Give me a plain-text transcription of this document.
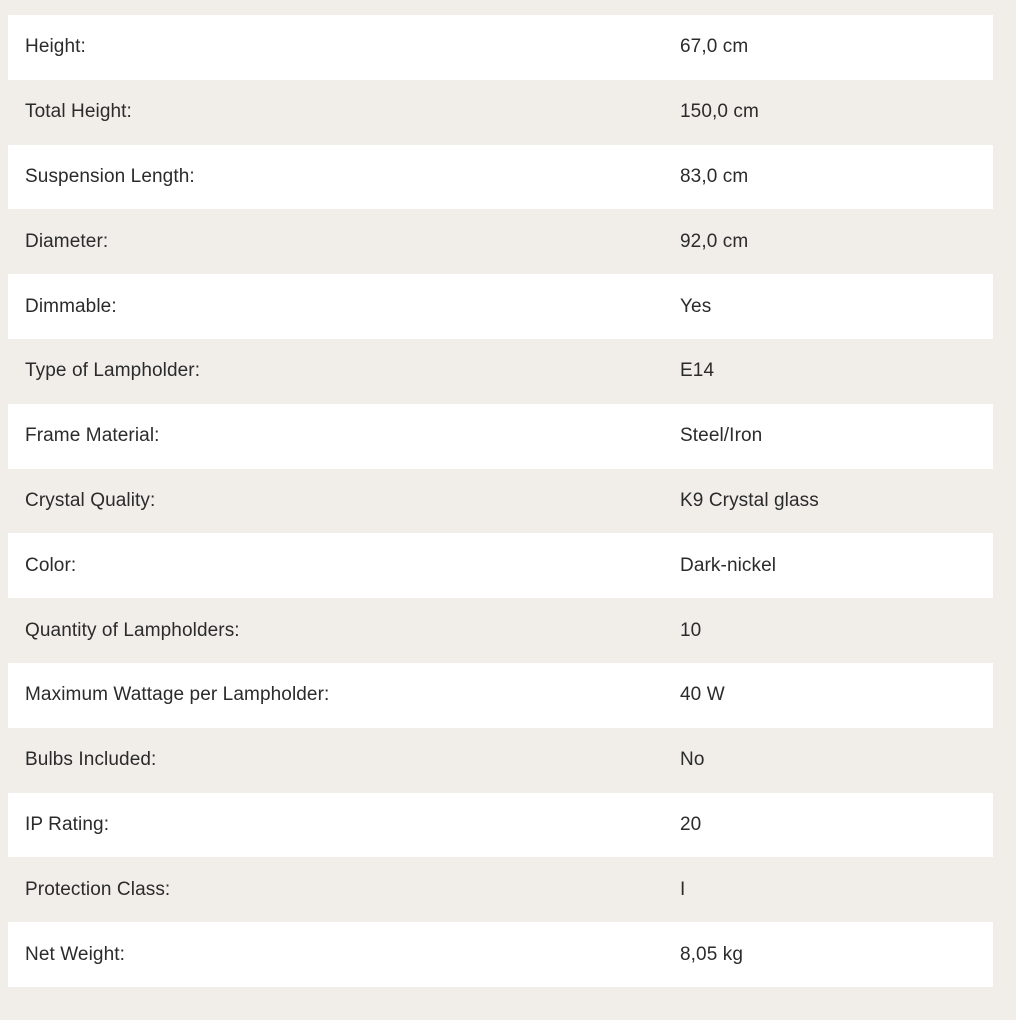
Height:	67,0 cm
Total Height:	150,0 cm
Suspension Length:	83,0 cm
Diameter:	92,0 cm
Dimmable:	Yes
Type of Lampholder:	E14
Frame Material:	Steel/Iron
Crystal Quality:	K9 Crystal glass
Color:	Dark-nickel
Quantity of Lampholders:	10
Maximum Wattage per Lampholder:	40 W
Bulbs Included:	No
IP Rating:	20
Protection Class:	I
Net Weight:	8,05 kg
